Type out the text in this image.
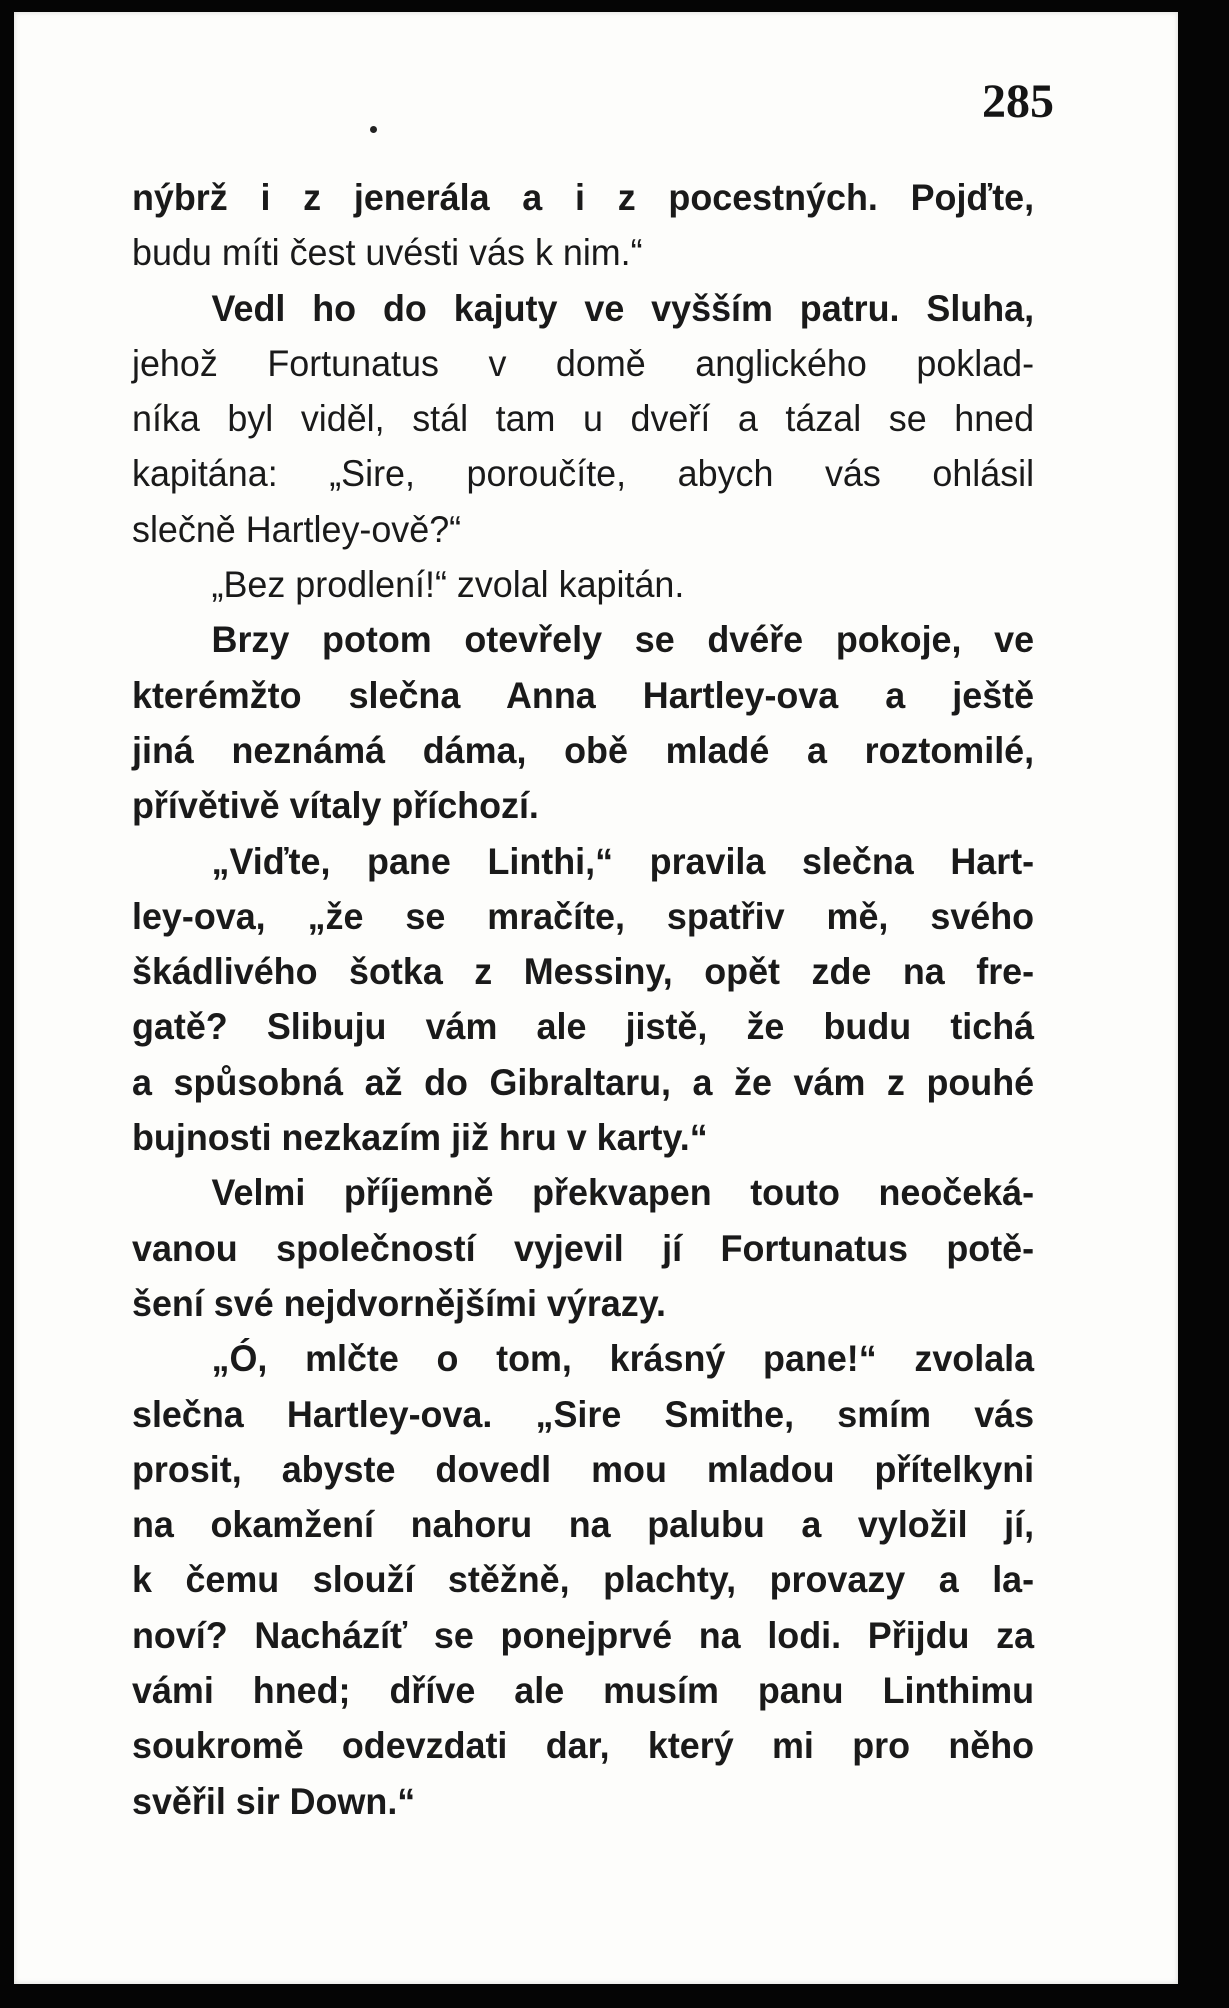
285
nýbrž i z jenerála a i z pocestných. Pojďte,
budu míti čest uvésti vás k nim.“
Vedl ho do kajuty ve vyšším patru. Sluha,
jehož Fortunatus v domě anglického poklad-
níka byl viděl, stál tam u dveří a tázal se hned
kapitána: „Sire, poroučíte, abych vás ohlásil
slečně Hartley-ově?“
„Bez prodlení!“ zvolal kapitán.
Brzy potom otevřely se dvéře pokoje, ve
kterémžto slečna Anna Hartley-ova a ještě
jiná neznámá dáma, obě mladé a roztomilé,
přívětivě vítaly příchozí.
„Viďte, pane Linthi,“ pravila slečna Hart-
ley-ova, „že se mračíte, spatřiv mě, svého
škádlivého šotka z Messiny, opět zde na fre-
gatě? Slibuju vám ale jistě, že budu tichá
a spůsobná až do Gibraltaru, a že vám z pouhé
bujnosti nezkazím již hru v karty.“
Velmi příjemně překvapen touto neočeká-
vanou společností vyjevil jí Fortunatus potě-
šení své nejdvornějšími výrazy.
„Ó, mlčte o tom, krásný pane!“ zvolala
slečna Hartley-ova. „Sire Smithe, smím vás
prosit, abyste dovedl mou mladou přítelkyni
na okamžení nahoru na palubu a vyložil jí,
k čemu slouží stěžně, plachty, provazy a la-
noví? Nacházíť se ponejprvé na lodi. Přijdu za
vámi hned; dříve ale musím panu Linthimu
soukromě odevzdati dar, který mi pro něho
svěřil sir Down.“
